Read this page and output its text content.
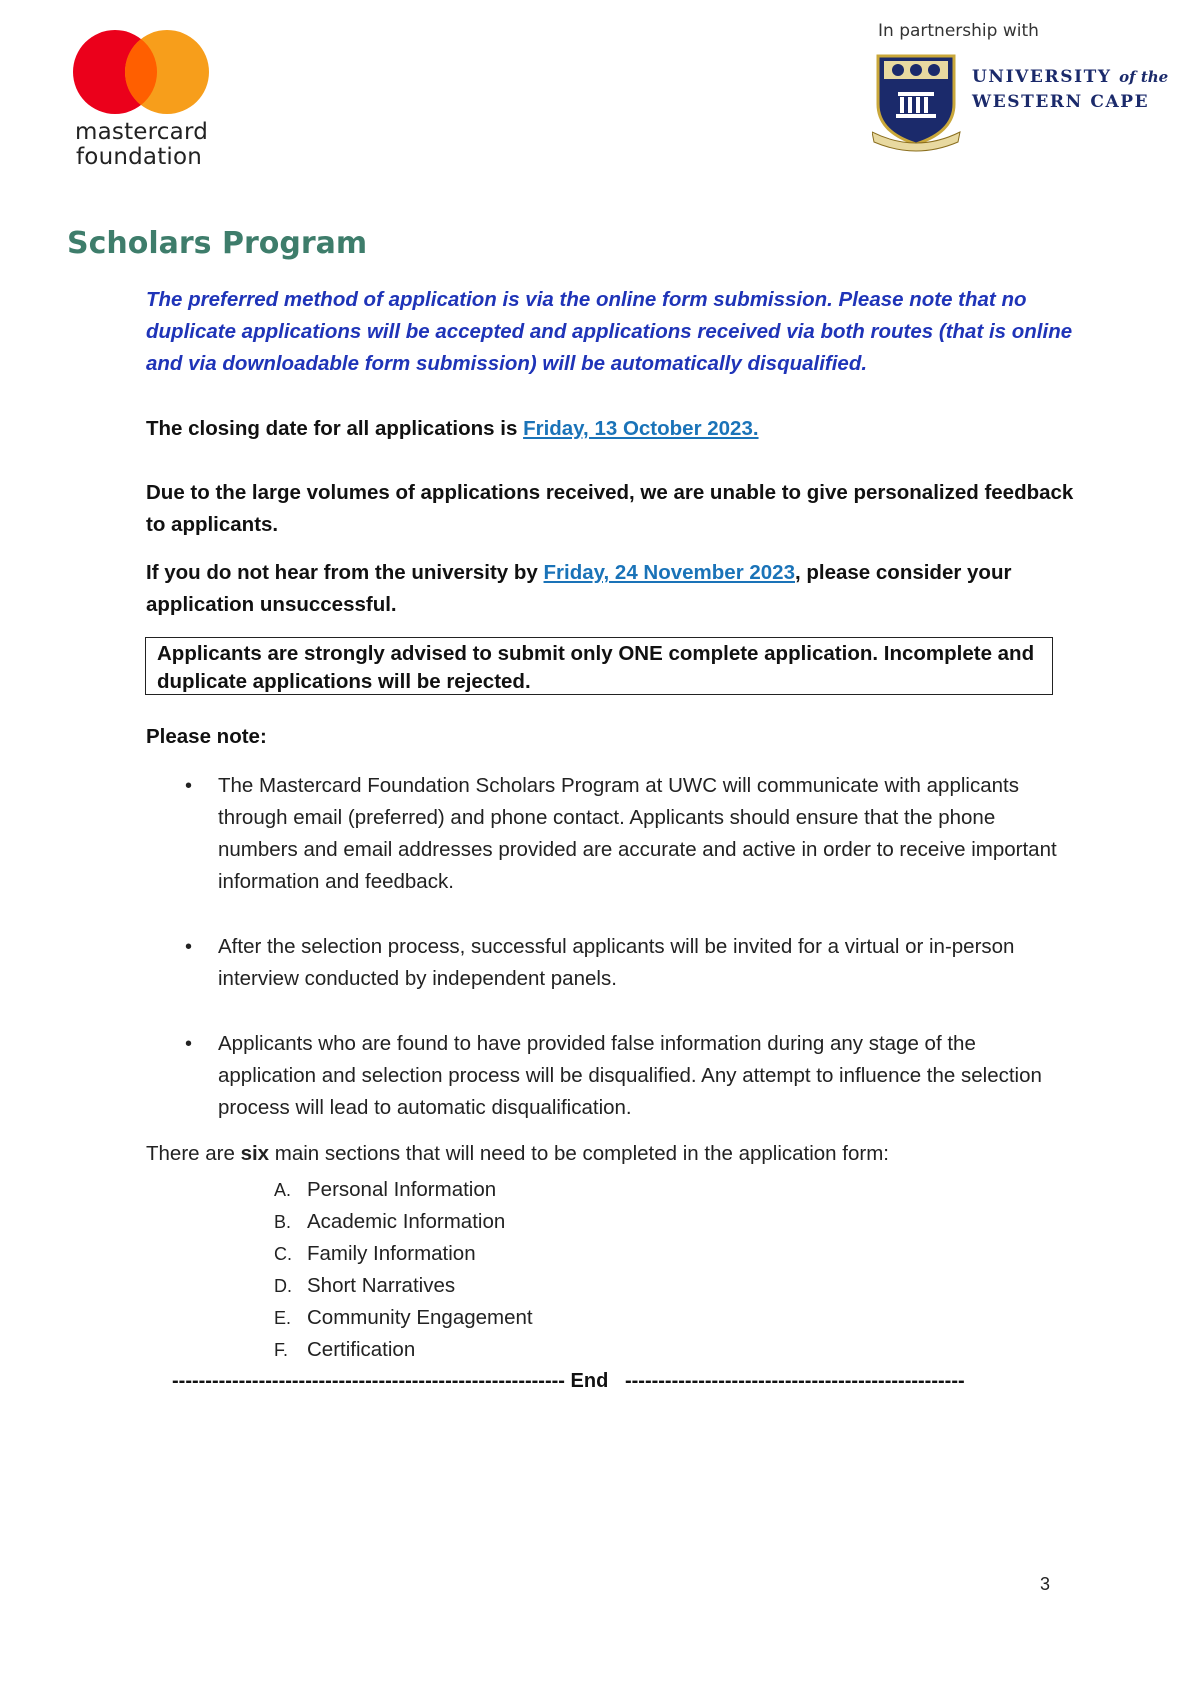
mastercard
foundation
In partnership with
UNIVERSITY of the
WESTERN CAPE
Scholars Program
The preferred method of application is via the online form submission. Please note that no duplicate applications will be accepted and applications received via both routes (that is online and via downloadable form submission) will be automatically disqualified.
The closing date for all applications is Friday, 13 October 2023.
Due to the large volumes of applications received, we are unable to give personalized feedback to applicants.
If you do not hear from the university by Friday, 24 November 2023, please consider your application unsuccessful.
Applicants are strongly advised to submit only ONE complete application. Incomplete and duplicate applications will be rejected.
Please note:
• The Mastercard Foundation Scholars Program at UWC will communicate with applicants through email (preferred) and phone contact. Applicants should ensure that the phone numbers and email addresses provided are accurate and active in order to receive important information and feedback.
• After the selection process, successful applicants will be invited for a virtual or in-person interview conducted by independent panels.
• Applicants who are found to have provided false information during any stage of the application and selection process will be disqualified. Any attempt to influence the selection process will lead to automatic disqualification.
There are six main sections that will need to be completed in the application form:
A. Personal Information
B. Academic Information
C. Family Information
D. Short Narratives
E. Community Engagement
F. Certification
----------------------------------------------------------- End ---------------------------------------------------
3
